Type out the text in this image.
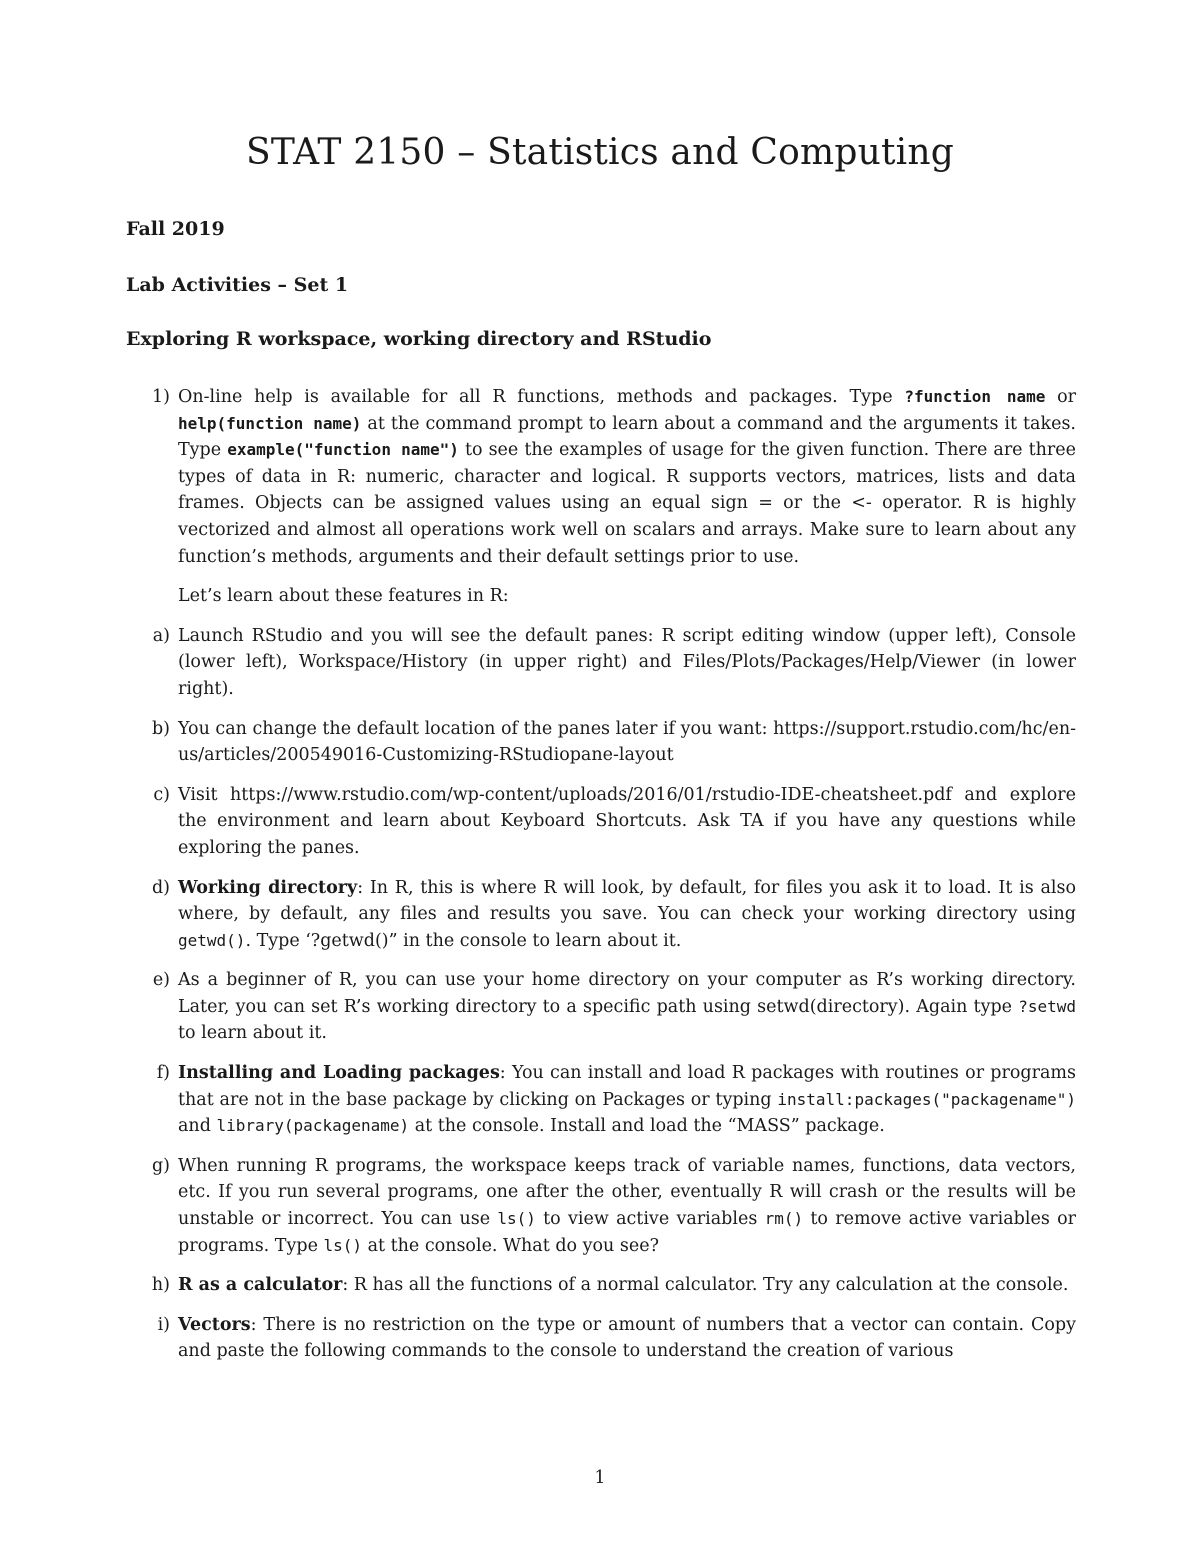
STAT 2150 – Statistics and Computing
Fall 2019
Lab Activities – Set 1
Exploring R workspace, working directory and RStudio
1) On-line help is available for all R functions, methods and packages. Type ?function name or help(function name) at the command prompt to learn about a command and the arguments it takes. Type example("function name") to see the examples of usage for the given function. There are three types of data in R: numeric, character and logical. R supports vectors, matrices, lists and data frames. Objects can be assigned values using an equal sign = or the <- operator. R is highly vectorized and almost all operations work well on scalars and arrays. Make sure to learn about any function’s methods, arguments and their default settings prior to use.
Let’s learn about these features in R:
a) Launch RStudio and you will see the default panes: R script editing window (upper left), Console (lower left), Workspace/History (in upper right) and Files/Plots/Packages/Help/Viewer (in lower right).
b) You can change the default location of the panes later if you want: https://support.rstudio.com/hc/en-us/articles/200549016-Customizing-RStudiopane-layout
c) Visit https://www.rstudio.com/wp-content/uploads/2016/01/rstudio-IDE-cheatsheet.pdf and explore the environment and learn about Keyboard Shortcuts. Ask TA if you have any questions while exploring the panes.
d) Working directory: In R, this is where R will look, by default, for files you ask it to load. It is also where, by default, any files and results you save. You can check your working directory using getwd(). Type ‘?getwd()” in the console to learn about it.
e) As a beginner of R, you can use your home directory on your computer as R’s working directory. Later, you can set R’s working directory to a specific path using setwd(directory). Again type ?setwd to learn about it.
f) Installing and Loading packages: You can install and load R packages with routines or programs that are not in the base package by clicking on Packages or typing install:packages("packagename") and library(packagename) at the console. Install and load the “MASS” package.
g) When running R programs, the workspace keeps track of variable names, functions, data vectors, etc. If you run several programs, one after the other, eventually R will crash or the results will be unstable or incorrect. You can use ls() to view active variables rm() to remove active variables or programs. Type ls() at the console. What do you see?
h) R as a calculator: R has all the functions of a normal calculator. Try any calculation at the console.
i) Vectors: There is no restriction on the type or amount of numbers that a vector can contain. Copy and paste the following commands to the console to understand the creation of various
1
